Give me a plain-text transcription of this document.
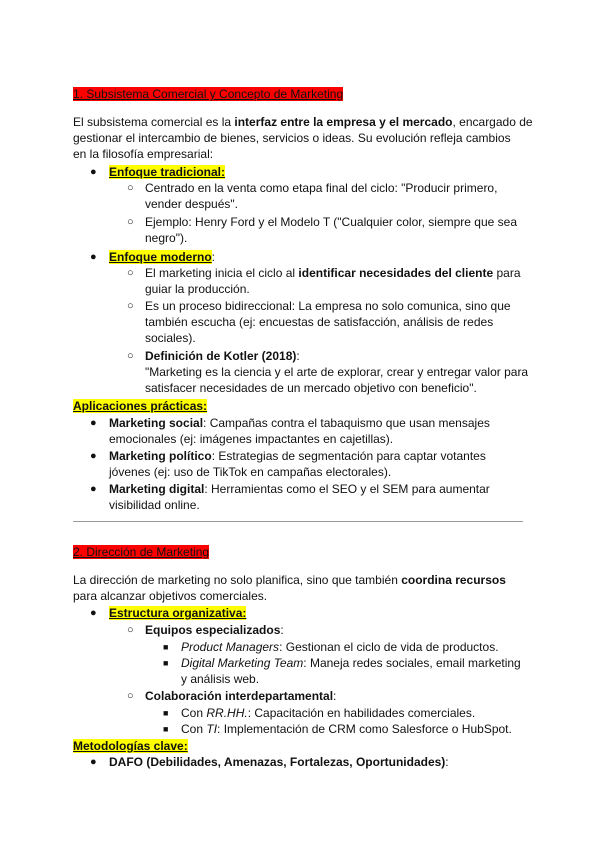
1. Subsistema Comercial y Concepto de Marketing
El subsistema comercial es la interfaz entre la empresa y el mercado, encargado de
gestionar el intercambio de bienes, servicios o ideas. Su evolución refleja cambios
en la filosofía empresarial:
● Enfoque tradicional:
○ Centrado en la venta como etapa final del ciclo: "Producir primero,
vender después".
○ Ejemplo: Henry Ford y el Modelo T ("Cualquier color, siempre que sea
negro").
● Enfoque moderno:
○ El marketing inicia el ciclo al identificar necesidades del cliente para
guiar la producción.
○ Es un proceso bidireccional: La empresa no solo comunica, sino que
también escucha (ej: encuestas de satisfacción, análisis de redes
sociales).
○ Definición de Kotler (2018):
"Marketing es la ciencia y el arte de explorar, crear y entregar valor para
satisfacer necesidades de un mercado objetivo con beneficio".
Aplicaciones prácticas:
● Marketing social: Campañas contra el tabaquismo que usan mensajes
emocionales (ej: imágenes impactantes en cajetillas).
● Marketing político: Estrategias de segmentación para captar votantes
jóvenes (ej: uso de TikTok en campañas electorales).
● Marketing digital: Herramientas como el SEO y el SEM para aumentar
visibilidad online.
2. Dirección de Marketing
La dirección de marketing no solo planifica, sino que también coordina recursos
para alcanzar objetivos comerciales.
● Estructura organizativa:
○ Equipos especializados:
■ Product Managers: Gestionan el ciclo de vida de productos.
■ Digital Marketing Team: Maneja redes sociales, email marketing
y análisis web.
○ Colaboración interdepartamental:
■ Con RR.HH.: Capacitación en habilidades comerciales.
■ Con TI: Implementación de CRM como Salesforce o HubSpot.
Metodologías clave:
● DAFO (Debilidades, Amenazas, Fortalezas, Oportunidades):
